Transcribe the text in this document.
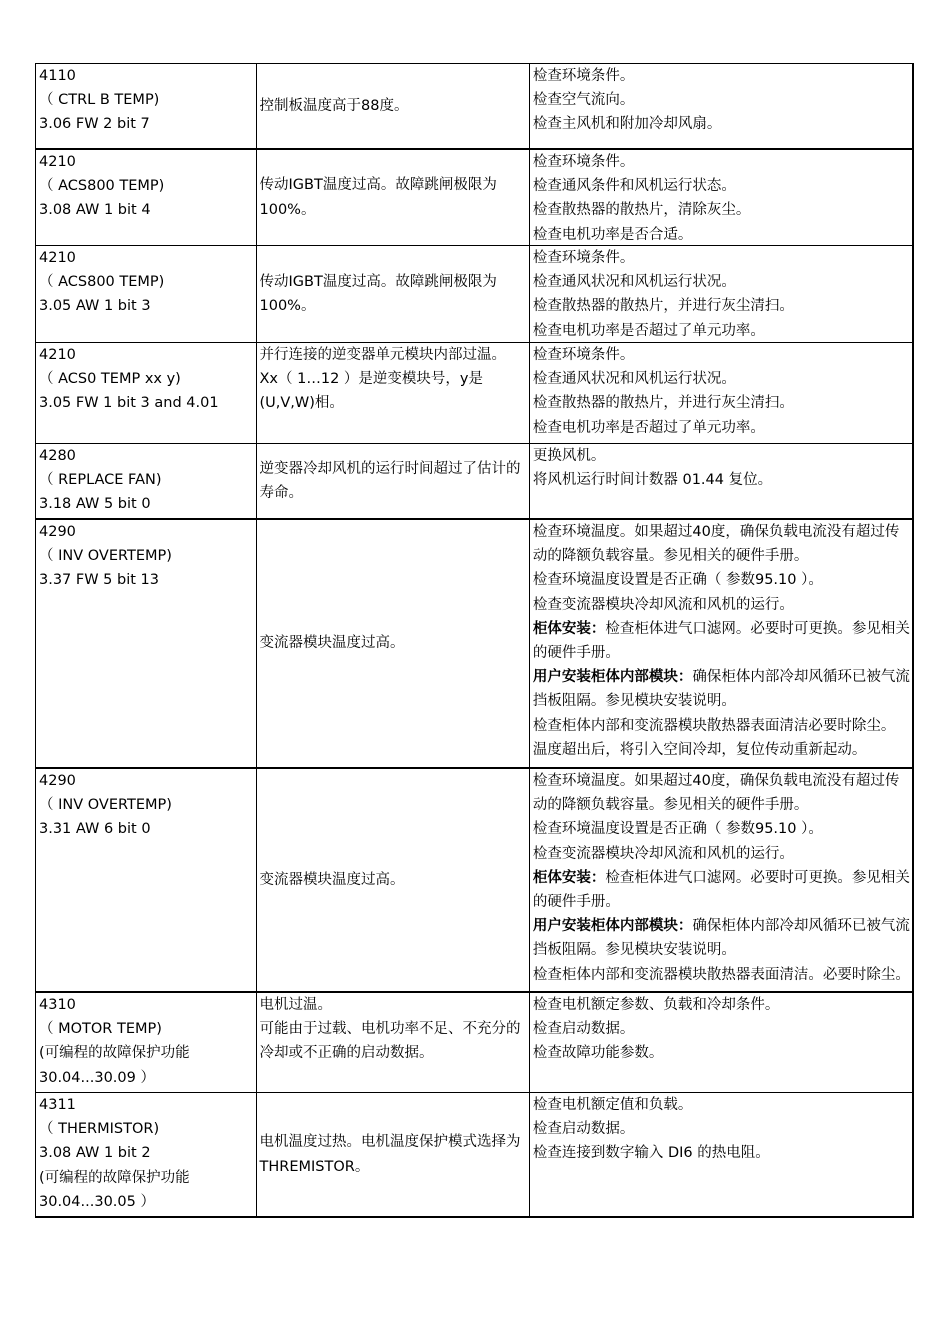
4110
（ CTRL B TEMP)
3.06 FW 2 bit 7
控制板温度高于88度。
检查环境条件。
检查空气流向。
检查主风机和附加冷却风扇。
4210
（ ACS800 TEMP)
3.08 AW 1 bit 4
传动IGBT温度过高。故障跳闸极限为100%。
检查环境条件。
检查通风条件和风机运行状态。
检查散热器的散热片，清除灰尘。
检查电机功率是否合适。
4210
（ ACS800 TEMP)
3.05 AW 1 bit 3
传动IGBT温度过高。故障跳闸极限为100%。
检查环境条件。
检查通风状况和风机运行状况。
检查散热器的散热片，并进行灰尘清扫。
检查电机功率是否超过了单元功率。
4210
（ ACS0 TEMP xx y)
3.05 FW 1 bit 3 and 4.01
并行连接的逆变器单元模块内部过温。
Xx（ 1…12 ）是逆变模块号，y是(U,V,W)相。
检查环境条件。
检查通风状况和风机运行状况。
检查散热器的散热片，并进行灰尘清扫。
检查电机功率是否超过了单元功率。
4280
（ REPLACE FAN)
3.18 AW 5 bit 0
逆变器冷却风机的运行时间超过了估计的寿命。
更换风机。
将风机运行时间计数器 01.44 复位。
4290
（ INV OVERTEMP)
3.37 FW 5 bit 13
变流器模块温度过高。
检查环境温度。如果超过40度，确保负载电流没有超过传动的降额负载容量。参见相关的硬件手册。
检查环境温度设置是否正确（ 参数95.10 ）。
检查变流器模块冷却风流和风机的运行。
柜体安装：检查柜体进气口滤网。必要时可更换。参见相关的硬件手册。
用户安装柜体内部模块：确保柜体内部冷却风循环已被气流挡板阻隔。参见模块安装说明。
检查柜体内部和变流器模块散热器表面清洁必要时除尘。
温度超出后，将引入空间冷却，复位传动重新起动。
4290
（ INV OVERTEMP)
3.31 AW 6 bit 0
变流器模块温度过高。
检查环境温度。如果超过40度，确保负载电流没有超过传动的降额负载容量。参见相关的硬件手册。
检查环境温度设置是否正确（ 参数95.10 ）。
检查变流器模块冷却风流和风机的运行。
柜体安装：检查柜体进气口滤网。必要时可更换。参见相关的硬件手册。
用户安装柜体内部模块：确保柜体内部冷却风循环已被气流挡板阻隔。参见模块安装说明。
检查柜体内部和变流器模块散热器表面清洁。必要时除尘。
4310
（ MOTOR TEMP)
(可编程的故障保护功能
30.04...30.09 ）
电机过温。
可能由于过载、电机功率不足、不充分的冷却或不正确的启动数据。
检查电机额定参数、负载和冷却条件。
检查启动数据。
检查故障功能参数。
4311
（ THERMISTOR)
3.08 AW 1 bit 2
(可编程的故障保护功能
30.04...30.05 ）
电机温度过热。电机温度保护模式选择为 THREMISTOR。
检查电机额定值和负载。
检查启动数据。
检查连接到数字输入 DI6 的热电阻。
